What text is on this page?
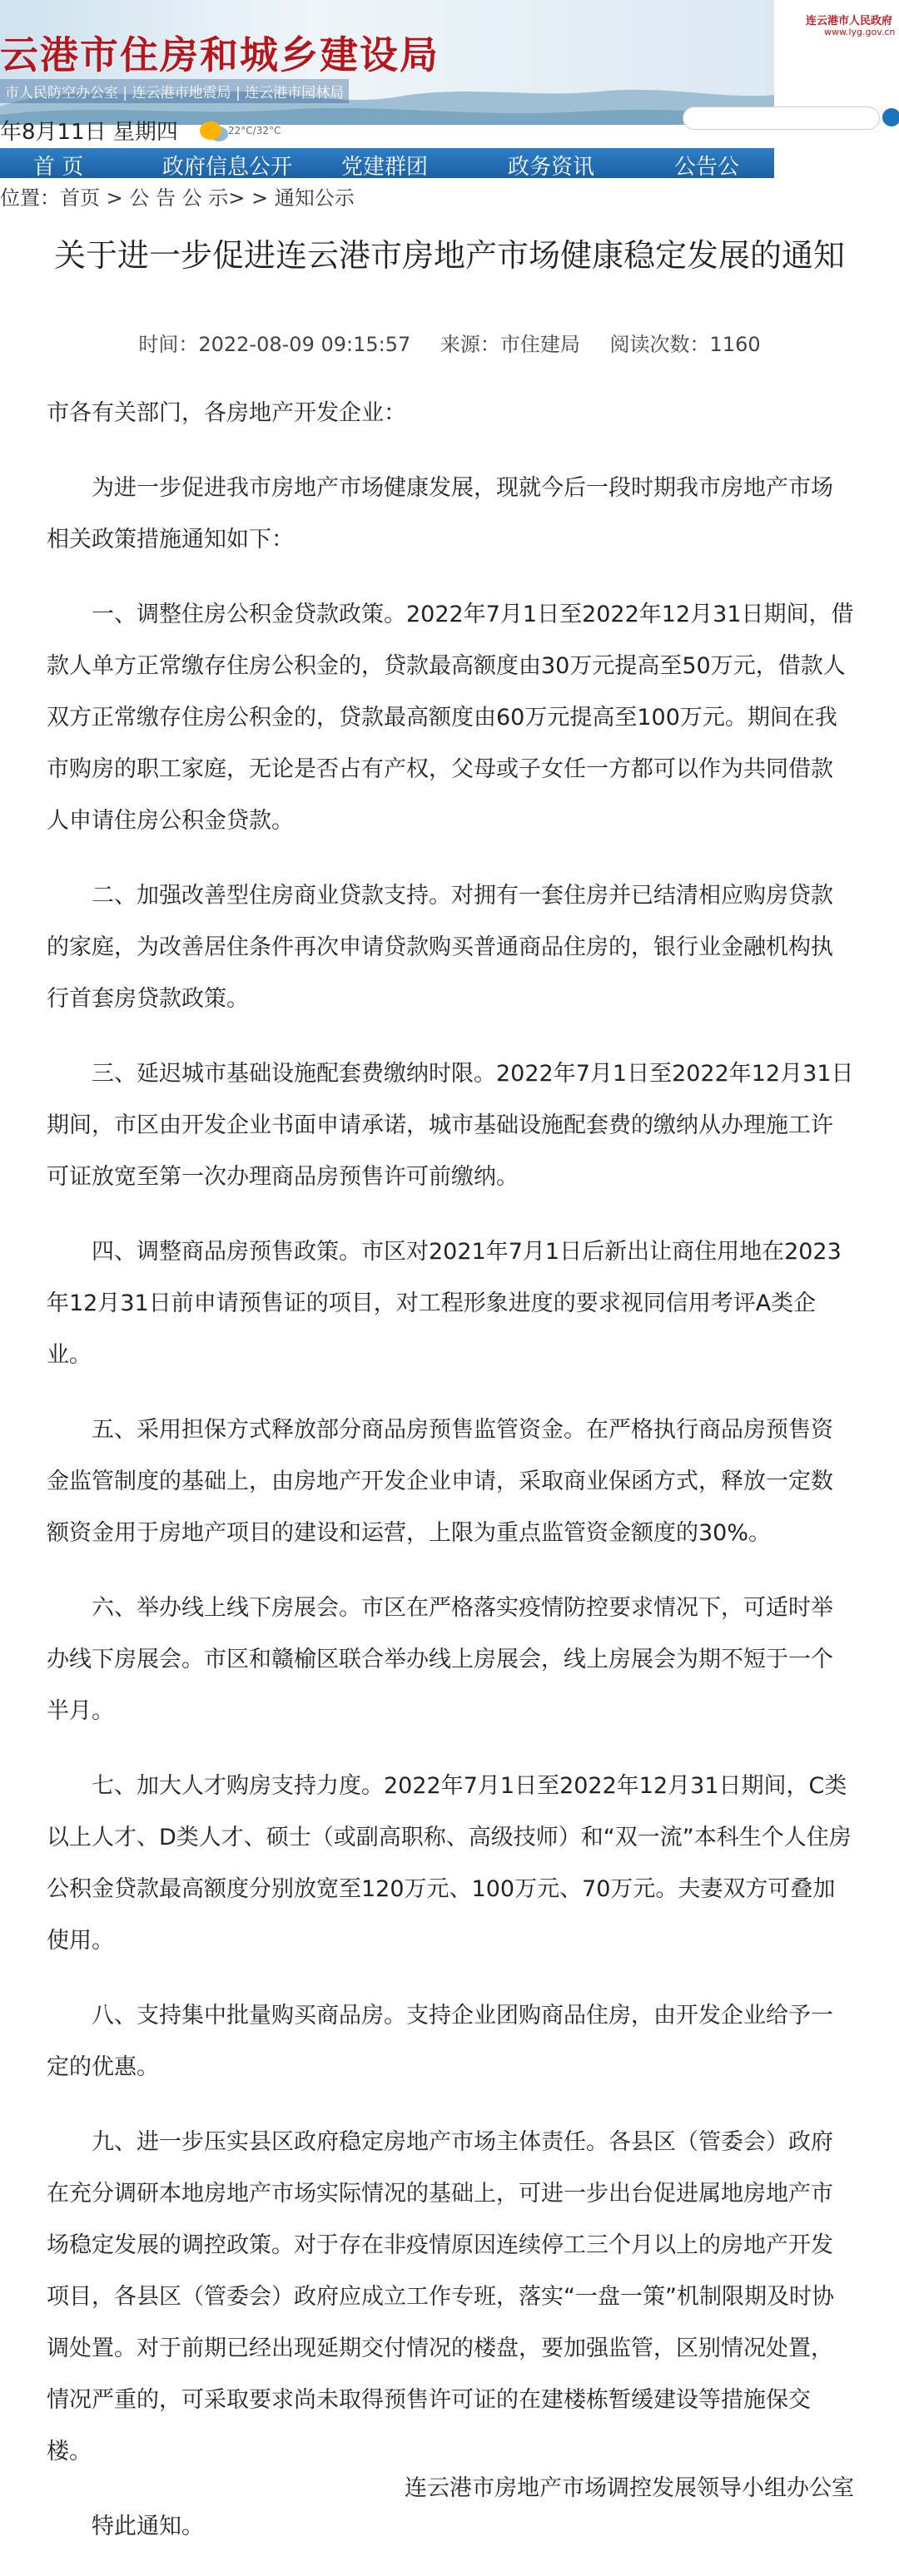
云港市住房和城乡建设局
市人民防空办公室 | 连云港市地震局 | 连云港市园林局
连云港市人民政府
www.lyg.gov.cn
年8月11日 星期四	22°C/32°C
首 页	政府信息公开 党建群团	政务资讯	公告公
位置：首页 > 公 告 公 示> > 通知公示
关于进一步促进连云港市房地产市场健康稳定发展的通知
时间：2022-08-09 09:15:57 来源：市住建局 阅读次数：1160

市各有关部门，各房地产开发企业：

为进一步促进我市房地产市场健康发展，现就今后一段时期我市房地产市场相关政策措施通知如下：

一、调整住房公积金贷款政策。2022年7月1日至2022年12月31日期间，借款人单方正常缴存住房公积金的，贷款最高额度由30万元提高至50万元，借款人双方正常缴存住房公积金的，贷款最高额度由60万元提高至100万元。期间在我市购房的职工家庭，无论是否占有产权，父母或子女任一方都可以作为共同借款人申请住房公积金贷款。

二、加强改善型住房商业贷款支持。对拥有一套住房并已结清相应购房贷款的家庭，为改善居住条件再次申请贷款购买普通商品住房的，银行业金融机构执行首套房贷款政策。

三、延迟城市基础设施配套费缴纳时限。2022年7月1日至2022年12月31日期间，市区由开发企业书面申请承诺，城市基础设施配套费的缴纳从办理施工许可证放宽至第一次办理商品房预售许可前缴纳。

四、调整商品房预售政策。市区对2021年7月1日后新出让商住用地在2023年12月31日前申请预售证的项目，对工程形象进度的要求视同信用考评A类企业。

五、采用担保方式释放部分商品房预售监管资金。在严格执行商品房预售资金监管制度的基础上，由房地产开发企业申请，采取商业保函方式，释放一定数额资金用于房地产项目的建设和运营，上限为重点监管资金额度的30%。

六、举办线上线下房展会。市区在严格落实疫情防控要求情况下，可适时举办线下房展会。市区和赣榆区联合举办线上房展会，线上房展会为期不短于一个半月。

七、加大人才购房支持力度。2022年7月1日至2022年12月31日期间，C类以上人才、D类人才、硕士（或副高职称、高级技师）和“双一流”本科生个人住房公积金贷款最高额度分别放宽至120万元、100万元、70万元。夫妻双方可叠加使用。

八、支持集中批量购买商品房。支持企业团购商品住房，由开发企业给予一定的优惠。

九、进一步压实县区政府稳定房地产市场主体责任。各县区（管委会）政府在充分调研本地房地产市场实际情况的基础上，可进一步出台促进属地房地产市场稳定发展的调控政策。对于存在非疫情原因连续停工三个月以上的房地产开发项目，各县区（管委会）政府应成立工作专班，落实“一盘一策”机制限期及时协调处置。对于前期已经出现延期交付情况的楼盘，要加强监管，区别情况处置，情况严重的，可采取要求尚未取得预售许可证的在建楼栋暂缓建设等措施保交楼。

特此通知。

连云港市房地产市场调控发展领导小组办公室
